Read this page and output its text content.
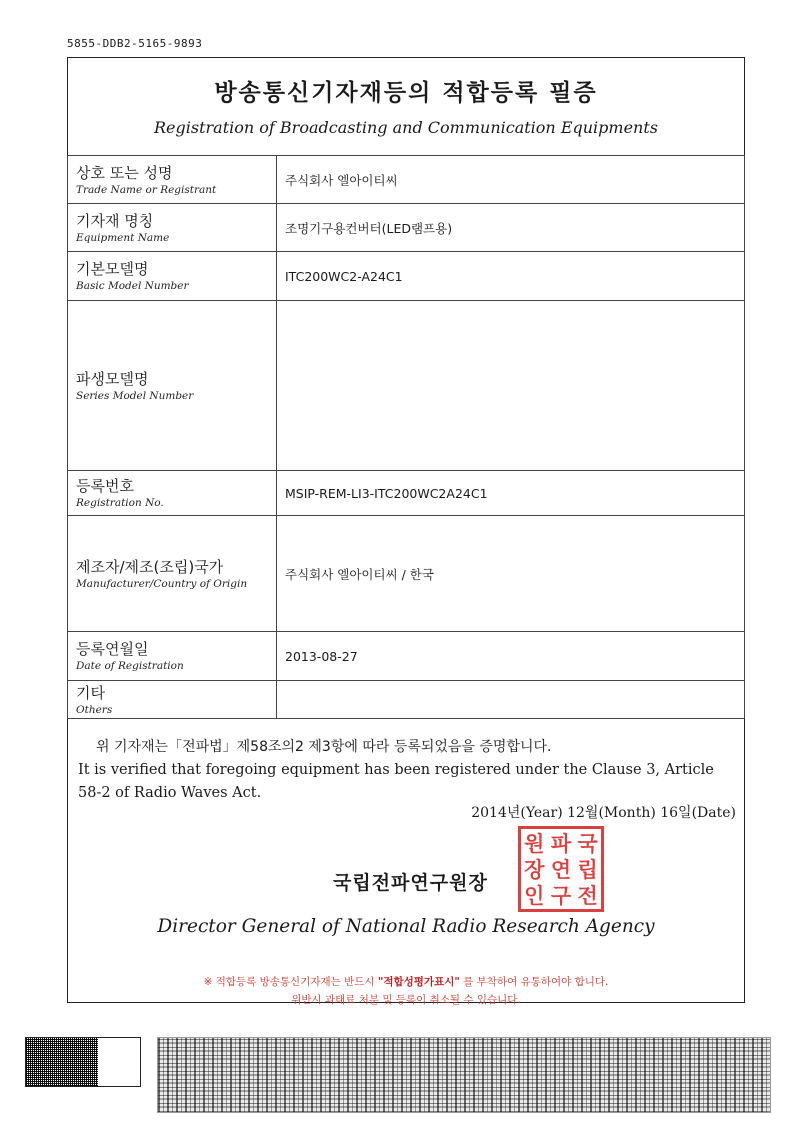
5855-DDB2-5165-9893
방송통신기자재등의 적합등록 필증
Registration of Broadcasting and Communication Equipments
상호 또는 성명
Trade Name or Registrant	주식회사 엘아이티씨

기자재 명칭
Equipment Name	조명기구용컨버터(LED램프용)

기본모델명
Basic Model Number	ITC200WC2-A24C1

파생모델명
Series Model Number	

등록번호
Registration No.	MSIP-REM-LI3-ITC200WC2A24C1

제조자/제조(조립)국가
Manufacturer/Country of Origin	주식회사 엘아이티씨 / 한국

등록연월일
Date of Registration	2013-08-27

기타
Others	

위 기자재는「전파법」제58조의2 제3항에 따라 등록되었음을 증명합니다.
It is verified that foregoing equipment has been registered under the Clause 3, Article 58-2 of Radio Waves Act.
2014년(Year) 12월(Month) 16일(Date)
국립전파연구원장
원 파 국
장 연 립
인 구 전
Director General of National Radio Research Agency
※ 적합등록 방송통신기자재는 반드시 "적합성평가표시" 를 부착하여 유통하여야 합니다.
위반시 과태료 처분 및 등록이 취소될 수 있습니다.
